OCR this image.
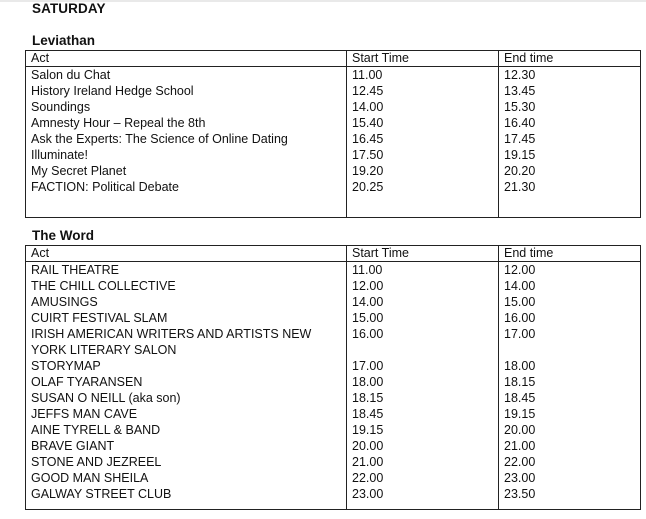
SATURDAY
Leviathan
Act	Start Time	End time
Salon du Chat	11.00	12.30
History Ireland Hedge School	12.45	13.45
Soundings	14.00	15.30
Amnesty Hour – Repeal the 8th	15.40	16.40
Ask the Experts: The Science of Online Dating	16.45	17.45
Illuminate!	17.50	19.15
My Secret Planet	19.20	20.20
FACTION: Political Debate	20.25	21.30

The Word
Act	Start Time	End time
RAIL THEATRE	11.00	12.00
THE CHILL COLLECTIVE	12.00	14.00
AMUSINGS	14.00	15.00
CUIRT FESTIVAL SLAM	15.00	16.00
IRISH AMERICAN WRITERS AND ARTISTS NEW YORK LITERARY SALON	16.00	17.00
STORYMAP	17.00	18.00
OLAF TYARANSEN	18.00	18.15
SUSAN O NEILL (aka son)	18.15	18.45
JEFFS MAN CAVE	18.45	19.15
AINE TYRELL & BAND	19.15	20.00
BRAVE GIANT	20.00	21.00
STONE AND JEZREEL	21.00	22.00
GOOD MAN SHEILA	22.00	23.00
GALWAY STREET CLUB	23.00	23.50
